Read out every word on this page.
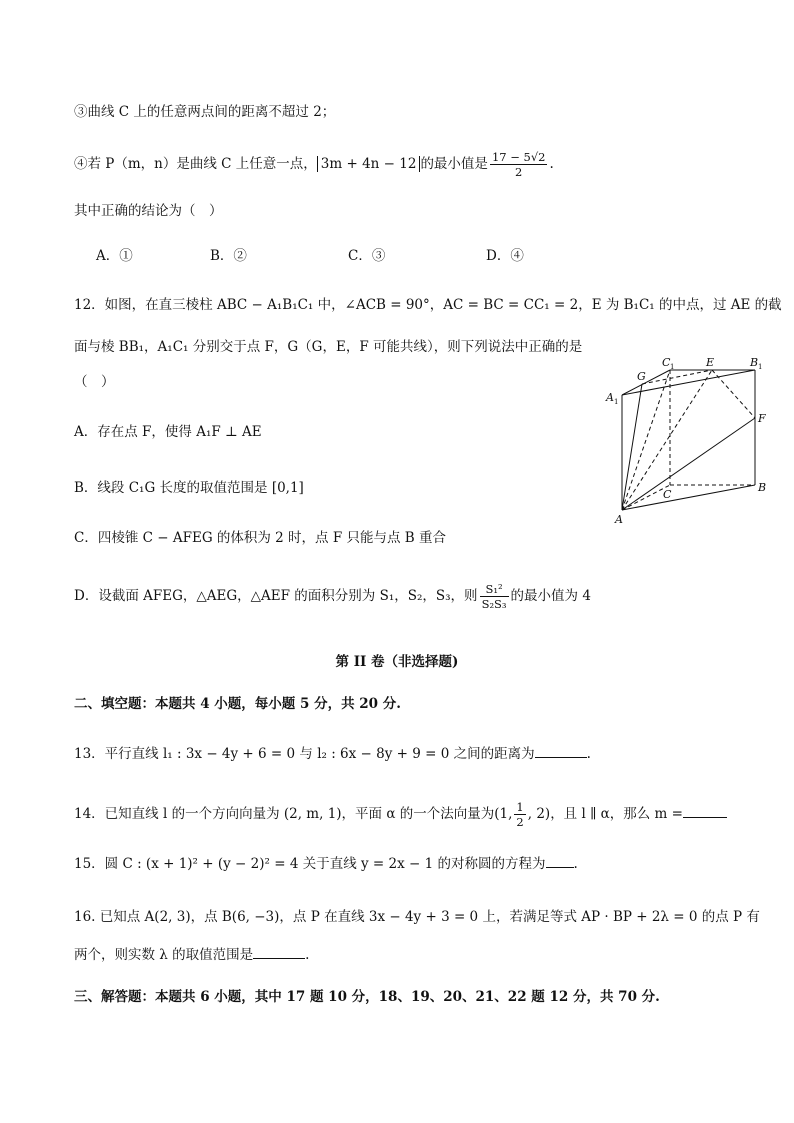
③曲线 C 上的任意两点间的距离不超过 2；
④若 P（m，n）是曲线 C 上任意一点， 3m + 4n − 12 的最小值是 $\frac{17 - 5√2}{2}$ .
其中正确的结论为（　）
A．①	B．②	C．③	D．④
12．如图，在直三棱柱 ABC − A₁B₁C₁ 中，∠ACB = 90°，AC = BC = CC₁ = 2，E 为 B₁C₁ 的中点，过 AE 的截
面与棱 BB₁，A₁C₁ 分别交于点 F，G（G，E，F 可能共线），则下列说法中正确的是
（　）
A．存在点 F，使得 A₁F ⊥ AE
B．线段 C₁G 长度的取值范围是 [0,1]
C．四棱锥 C − AFEG 的体积为 2 时，点 F 只能与点 B 重合
D．设截面 AFEG，△AEG，△AEF 的面积分别为 S₁，S₂，S₃，则 $\frac{\text{S₁²}}{\text{S₂S₃}}$ 的最小值为 4
A
B
C
A 1
C 1	B 1
E
F
G
第 II 卷（非选择题)
二、填空题：本题共 4 小题，每小题 5 分，共 20 分.
13．平行直线 l₁ : 3x − 4y + 6 = 0 与 l₂ : 6x − 8y + 9 = 0 之间的距离为	.
14．已知直线 l 的一个方向向量为 (2, m, 1)，平面 α 的一个法向量为(1, $\frac{1}{2}$ , 2)，且 l ∥ α，那么 m =
15．圆 C : (x + 1)² + (y − 2)² = 4 关于直线 y = 2x − 1 的对称圆的方程为 .
16. 已知点 A(2, 3)，点 B(6, −3)，点 P 在直线 3x − 4y + 3 = 0 上，若满足等式 AP · BP + 2λ = 0 的点 P 有
两个，则实数 λ 的取值范围是	.
三、解答题：本题共 6 小题，其中 17 题 10 分，18、19、20、21、22 题 12 分，共 70 分.
